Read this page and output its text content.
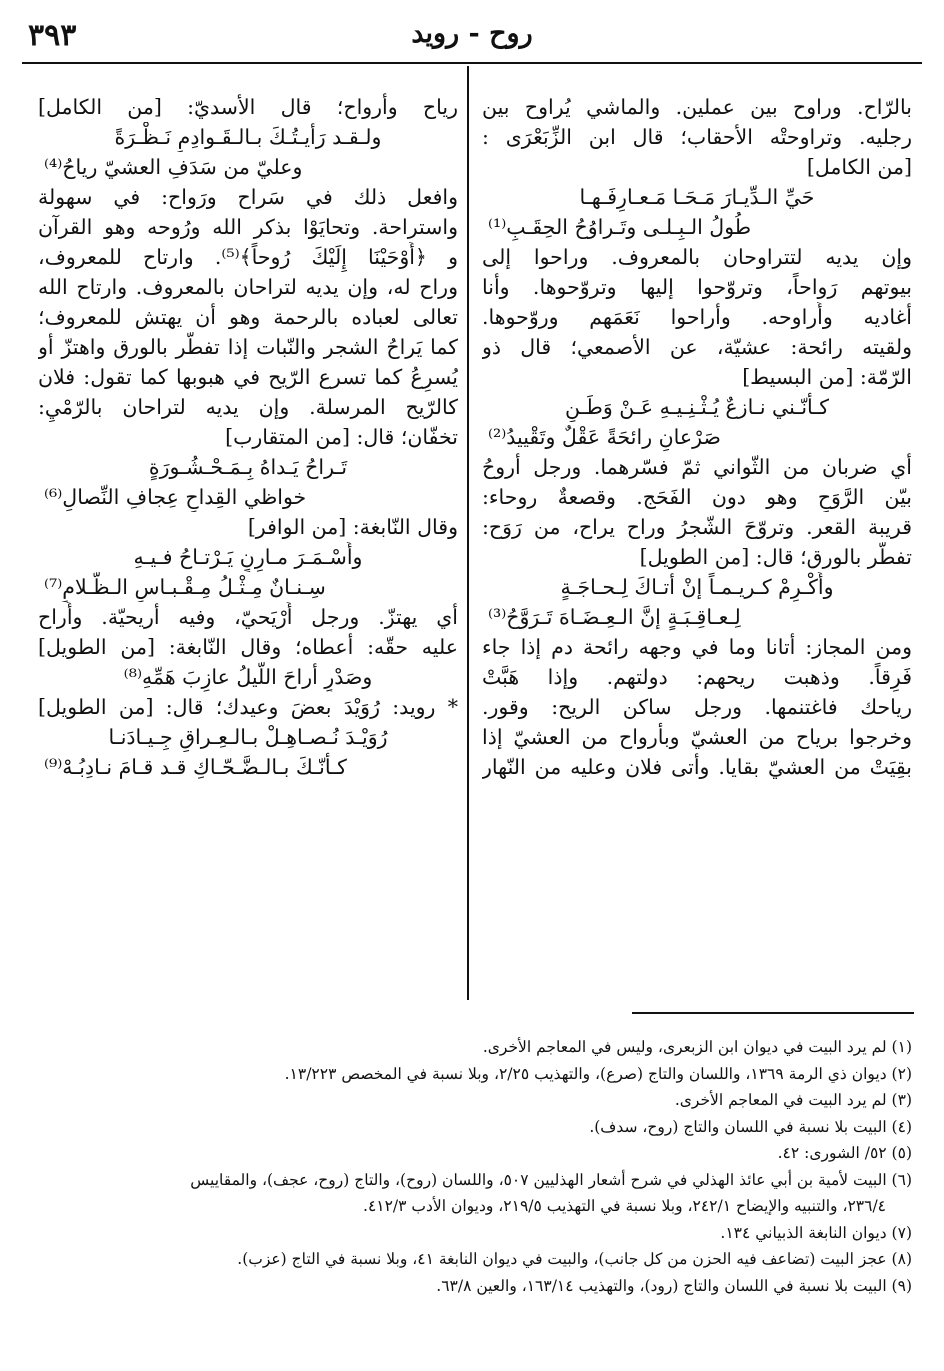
روح - رويد
٣٩٣
بالرّاح. وراوح بين عملين. والماشي يُراوح بين
رجليه. وتراوحتْه الأحقاب؛ قال ابن الزِّبَعْرَى :
[من الكامل]
حَيِّ الـدِّيـارَ مَـحَـا مَـعـارِفَـهـا
طُولُ الـبِـلـى وتَـراوُحُ الحِقَـبِ⁽¹⁾
وإن يديه لتتراوحان بالمعروف. وراحوا إلى
بيوتهم رَواحاً، وتروّحوا إليها وتروّحوها. وأنا
أغاديه وأُراوحه. وأراحوا نَعَمَهم وروّحوها.
ولقيته رائحة: عشيّة، عن الأصمعي؛ قال ذو
الرّمّة: [من البسيط]
كـأنّـني نـازعٌ يُـثْـنِـيـهِ عَـنْ وَطَـنٍ
صَرْعانِ رائحَةً عَقْلٌ وتَقْييدُ⁽²⁾
أي ضربان من الثّواني ثمّ فسّرهما. ورجل أروحُ
بيّن الرَّوَحِ وهو دون الفَحَج. وقصعةٌ روحاء:
قريبة القعر. وتروّحَ الشّجرُ وراح يراح، من رَوَح:
تفطّر بالورق؛ قال: [من الطويل]
وأَكْـرِمْ كـريـمـاً إنْ أتـاكَ لِـحـاجَـةٍ
لِـعـاقِـبَـةٍ إنَّ الـعِـضَـاهَ تَـرَوَّحُ⁽³⁾
ومن المجاز: أتانا وما في وجهه رائحة دم إذا جاء
فَرِقاً. وذهبت ريحهم: دولتهم. وإذا هَبَّتْ
رياحك فاغتنمها. ورجل ساكن الريح: وقور.
وخرجوا برياح من العشيّ وبأرواح من العشيّ إذا
بقِيَتْ من العشيّ بقايا. وأتى فلان وعليه من النّهار
رياح وأرواح؛ قال الأسديّ: [من الكامل]
ولـقـد رَأيـتُـكَ بـالـقَـوادِمِ نَـظْـرَةً
وعليّ من سَدَفِ العشيّ رياحُ⁽⁴⁾
وافعل ذلك في سَراح ورَواح: في سهولة
واستراحة. وتحايَوْا بذكر الله ورُوحه وهو القرآن
و ﴿أَوْحَيْنَا إِلَيْكَ رُوحاً﴾⁽⁵⁾. وارتاح للمعروف،
وراح له، وإن يديه لتراحان بالمعروف. وارتاح الله
تعالى لعباده بالرحمة وهو أن يهتش للمعروف؛
كما يَراحُ الشجر والنّبات إذا تفطّر بالورق واهتزّ أو
يُسرِعُ كما تسرع الرّيح في هبوبها كما تقول: فلان
كالرّيح المرسلة. وإن يديه لتراحان بالرّمْيِ:
تخفّان؛ قال: [من المتقارب]
تَـراحُ يَـداهُ بِـمَـحْـشُـورَةٍ
خواظي القِداحِ عِجافِ النِّصالِ⁽⁶⁾
وقال النّابغة: [من الوافر]
وأَسْـمَـرَ مـارِنٍ يَـرْتـاحُ فـيـهِ
سِـنـانٌ مِـثْـلُ مِـقْـبـاسِ الـظَّـلامِ⁽⁷⁾
أي يهتزّ. ورجل أَرْيَحيّ، وفيه أريحيّة. وأَراح
عليه حقّه: أعطاه؛ وقال النّابغة: [من الطويل]
وصَدْرٍ أراحَ اللّيلُ عازِبَ هَمِّهِ⁽⁸⁾
* رويد: رُوَيْدَ بعضَ وعيدك؛ قال: [من الطويل]
رُوَيْـدَ نُـصـاهِـلْ بـالـعِـراقِ جِـيـادَنـا
كـأنّـكَ بـالـضَّـحّـاكِ قـد قـامَ نـادِبُـهْ⁽⁹⁾
(١) لم يرد البيت في ديوان ابن الزبعرى، وليس في المعاجم الأخرى.
(٢) ديوان ذي الرمة ١٣٦٩، واللسان والتاج (صرع)، والتهذيب ٢/٢٥، وبلا نسبة في المخصص ١٣/٢٢٣.
(٣) لم يرد البيت في المعاجم الأخرى.
(٤) البيت بلا نسبة في اللسان والتاج (روح، سدف).
(٥) ٥٢/ الشورى: ٤٢.
(٦) البيت لأمية بن أبي عائذ الهذلي في شرح أشعار الهذليين ٥٠٧، واللسان (روح)، والتاج (روح، عجف)، والمقاييس
٢٣٦/٤، والتنبيه والإيضاح ٢٤٢/١، وبلا نسبة في التهذيب ٢١٩/٥، وديوان الأدب ٤١٢/٣.
(٧) ديوان النابغة الذبياني ١٣٤.
(٨) عجز البيت (تضاعف فيه الحزن من كل جانب)، والبيت في ديوان النابغة ٤١، وبلا نسبة في التاج (عزب).
(٩) البيت بلا نسبة في اللسان والتاج (رود)، والتهذيب ١٦٣/١٤، والعين ٦٣/٨.
